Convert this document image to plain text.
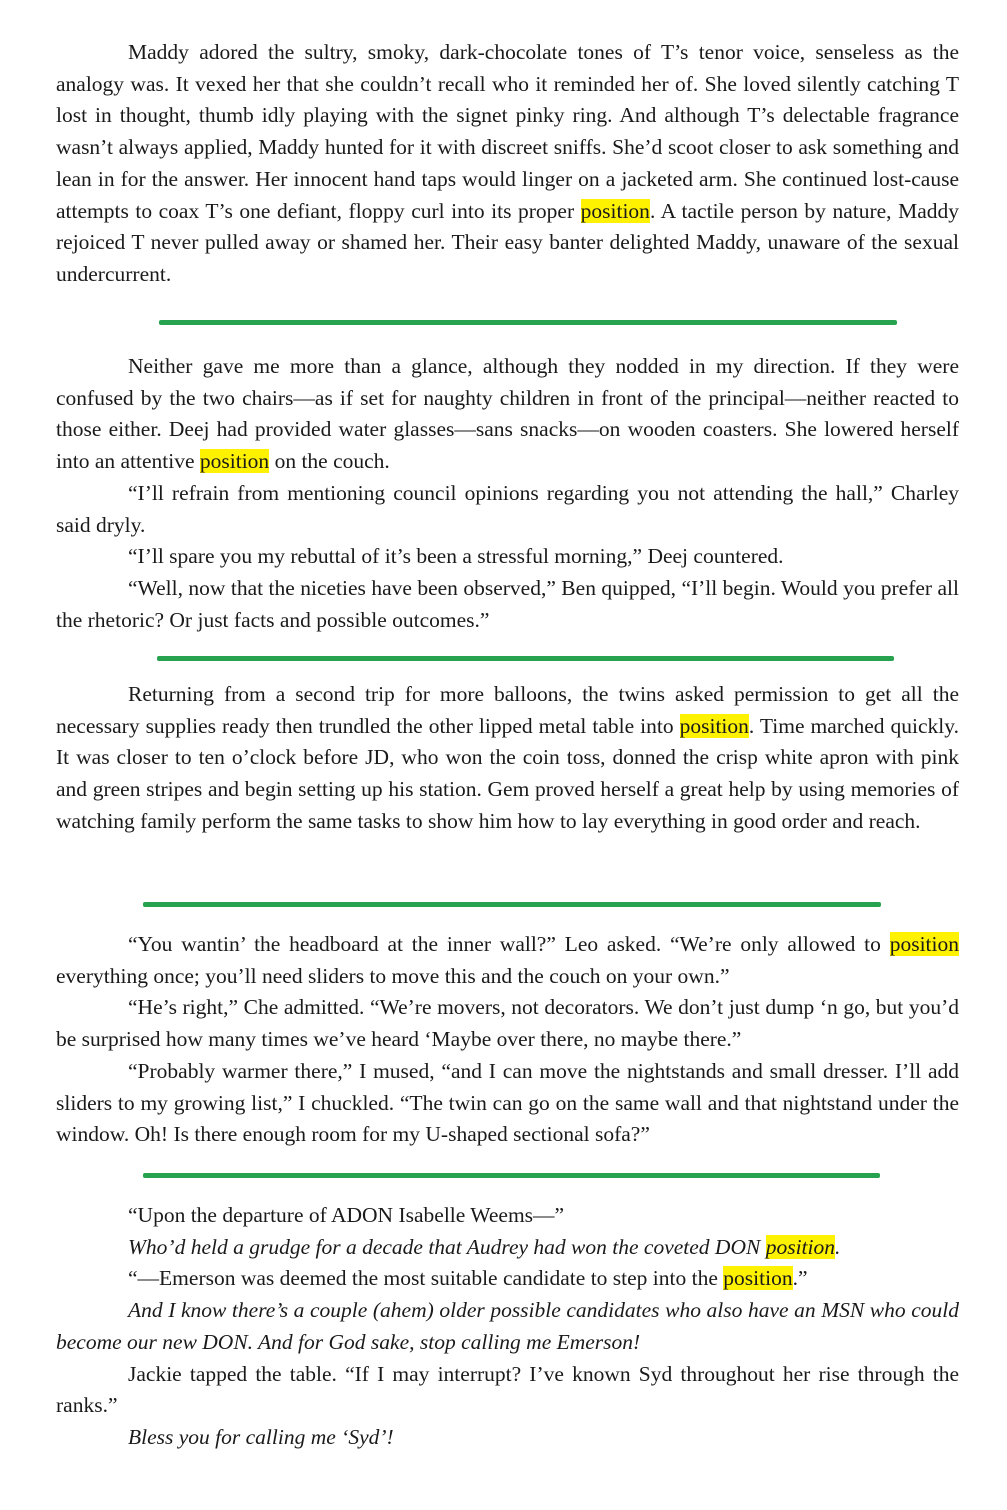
Maddy adored the sultry, smoky, dark-chocolate tones of T’s tenor voice, senseless as the analogy was. It vexed her that she couldn’t recall who it reminded her of. She loved silently catching T lost in thought, thumb idly playing with the signet pinky ring. And although T’s delectable fragrance wasn’t always applied, Maddy hunted for it with discreet sniffs. She’d scoot closer to ask something and lean in for the answer. Her innocent hand taps would linger on a jacketed arm. She continued lost-cause attempts to coax T’s one defiant, floppy curl into its proper position. A tactile person by nature, Maddy rejoiced T never pulled away or shamed her. Their easy banter delighted Maddy, unaware of the sexual undercurrent.

Neither gave me more than a glance, although they nodded in my direction. If they were confused by the two chairs—as if set for naughty children in front of the principal—neither reacted to those either. Deej had provided water glasses—sans snacks—on wooden coasters. She lowered herself into an attentive position on the couch.

“I’ll refrain from mentioning council opinions regarding you not attending the hall,” Charley said dryly.

“I’ll spare you my rebuttal of it’s been a stressful morning,” Deej countered.

“Well, now that the niceties have been observed,” Ben quipped, “I’ll begin. Would you prefer all the rhetoric? Or just facts and possible outcomes.”

Returning from a second trip for more balloons, the twins asked permission to get all the necessary supplies ready then trundled the other lipped metal table into position. Time marched quickly. It was closer to ten o’clock before JD, who won the coin toss, donned the crisp white apron with pink and green stripes and begin setting up his station. Gem proved herself a great help by using memories of watching family perform the same tasks to show him how to lay everything in good order and reach.

“You wantin’ the headboard at the inner wall?” Leo asked. “We’re only allowed to position everything once; you’ll need sliders to move this and the couch on your own.”

“He’s right,” Che admitted. “We’re movers, not decorators. We don’t just dump ‘n go, but you’d be surprised how many times we’ve heard ‘Maybe over there, no maybe there.”

“Probably warmer there,” I mused, “and I can move the nightstands and small dresser. I’ll add sliders to my growing list,” I chuckled. “The twin can go on the same wall and that nightstand under the window. Oh! Is there enough room for my U-shaped sectional sofa?”

“Upon the departure of ADON Isabelle Weems—”

Who’d held a grudge for a decade that Audrey had won the coveted DON position.

“—Emerson was deemed the most suitable candidate to step into the position.”

And I know there’s a couple (ahem) older possible candidates who also have an MSN who could become our new DON. And for God sake, stop calling me Emerson!

Jackie tapped the table. “If I may interrupt? I’ve known Syd throughout her rise through the ranks.”

Bless you for calling me ‘Syd’!
